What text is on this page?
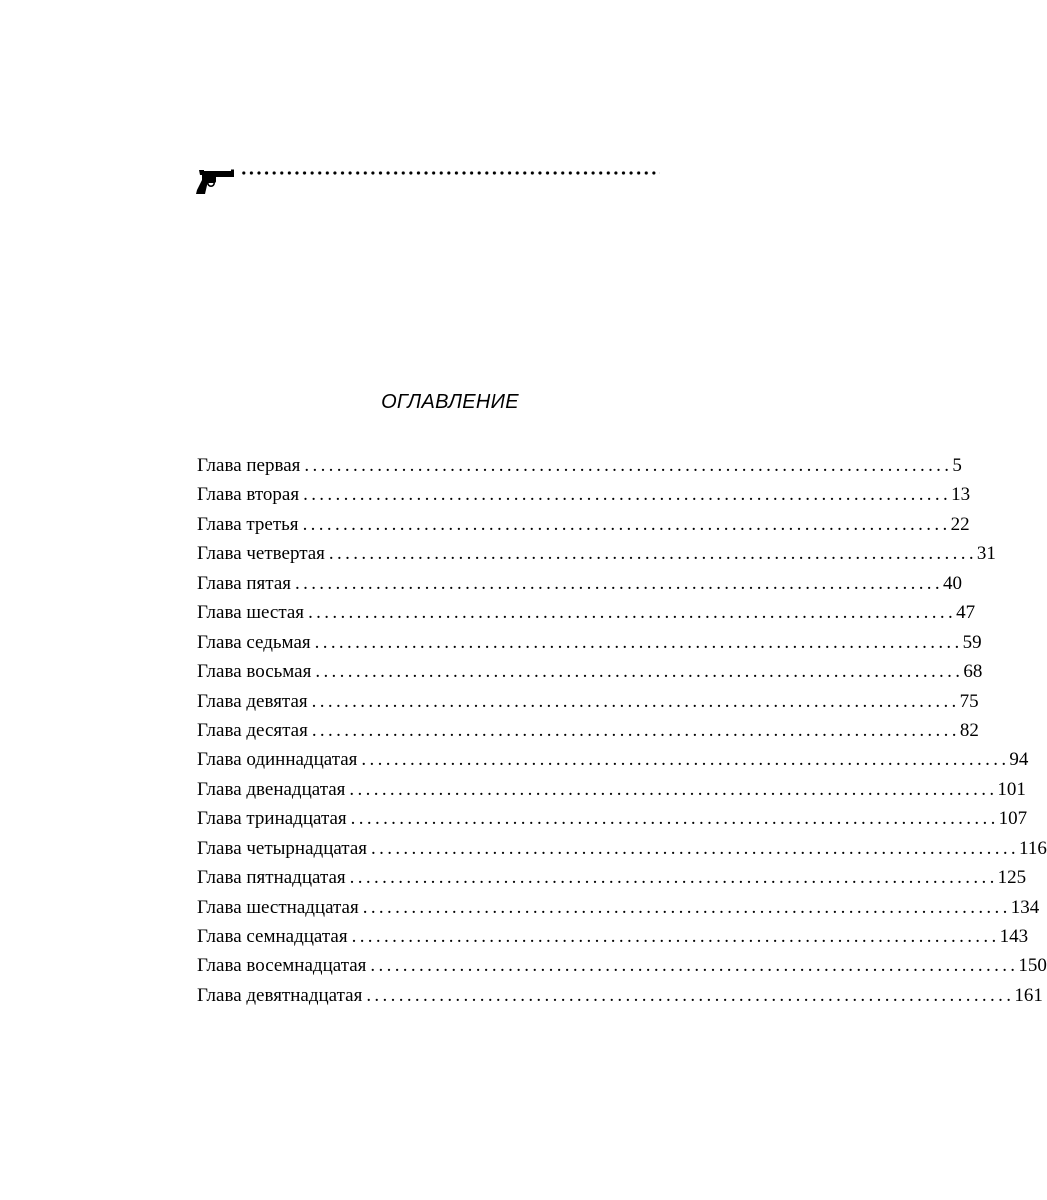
ОГЛАВЛЕНИЕ
Глава первая ................................................................................ 5
Глава вторая ................................................................................ 13
Глава третья ................................................................................ 22
Глава четвертая ................................................................................ 31
Глава пятая ................................................................................ 40
Глава шестая ................................................................................ 47
Глава седьмая ................................................................................ 59
Глава восьмая ................................................................................ 68
Глава девятая ................................................................................ 75
Глава десятая ................................................................................ 82
Глава одиннадцатая ................................................................................ 94
Глава двенадцатая ................................................................................ 101
Глава тринадцатая ................................................................................ 107
Глава четырнадцатая ................................................................................ 116
Глава пятнадцатая ................................................................................ 125
Глава шестнадцатая ................................................................................ 134
Глава семнадцатая ................................................................................ 143
Глава восемнадцатая ................................................................................ 150
Глава девятнадцатая ................................................................................ 161
